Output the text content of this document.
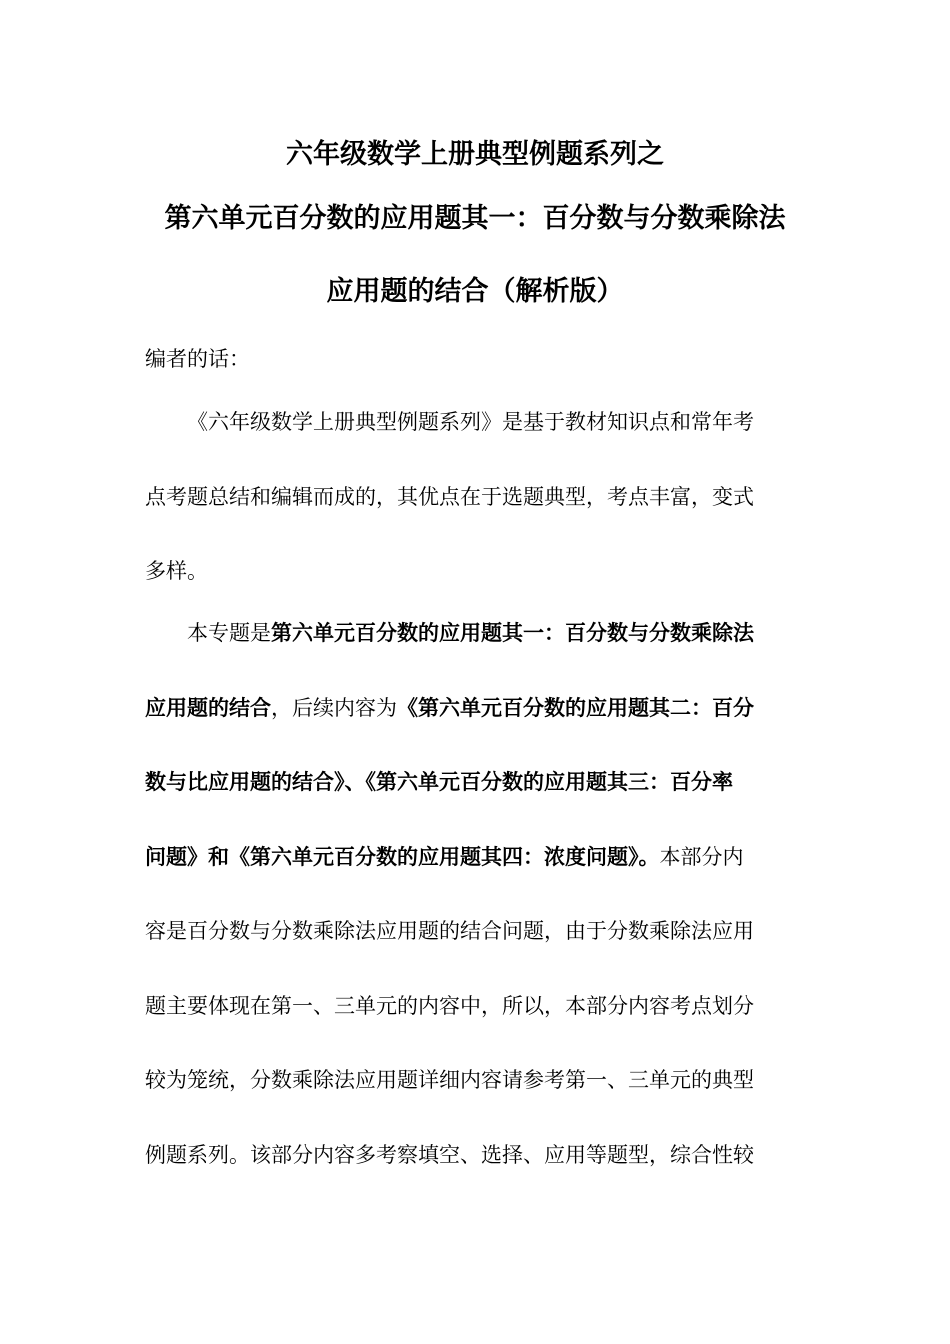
六年级数学上册典型例题系列之
第六单元百分数的应用题其一：百分数与分数乘除法
应用题的结合（解析版）
编者的话：
《六年级数学上册典型例题系列》是基于教材知识点和常年考
点考题总结和编辑而成的，其优点在于选题典型，考点丰富，变式
多样。
本专题是第六单元百分数的应用题其一：百分数与分数乘除法
应用题的结合，后续内容为《第六单元百分数的应用题其二：百分
数与比应用题的结合》、《第六单元百分数的应用题其三：百分率
问题》和《第六单元百分数的应用题其四：浓度问题》。本部分内
容是百分数与分数乘除法应用题的结合问题，由于分数乘除法应用
题主要体现在第一、三单元的内容中，所以，本部分内容考点划分
较为笼统，分数乘除法应用题详细内容请参考第一、三单元的典型
例题系列。该部分内容多考察填空、选择、应用等题型，综合性较
